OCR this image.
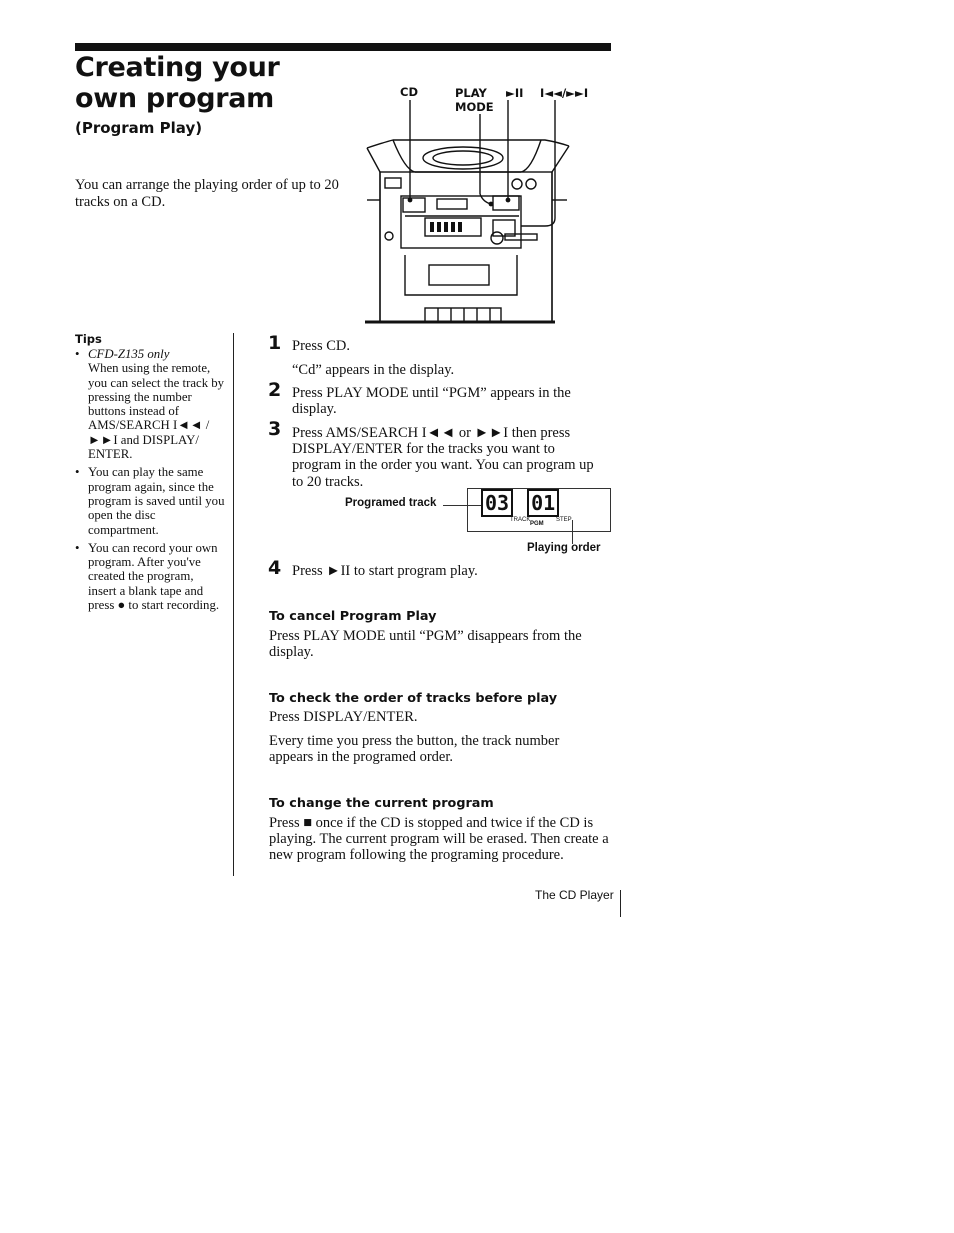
Creating your
own program
(Program Play)
You can arrange the playing order of up to 20 tracks on a CD.
CD	PLAY
MODE
►II I◄◄/►►I
Tips
• CFD-Z135 only
When using the remote, you can select the track by pressing the number buttons instead of AMS/SEARCH I◄◄ / ►►I and DISPLAY/ ENTER.
• You can play the same program again, since the program is saved until you open the disc compartment.
• You can record your own program. After you've created the program, insert a blank tape and press ● to start recording.
1 Press CD.
“Cd” appears in the display.
2 Press PLAY MODE until “PGM” appears in the display.
3 Press AMS/SEARCH I◄◄ or ►►I then press DISPLAY/ENTER for the tracks you want to program in the order you want. You can program up to 20 tracks.
Programed track 03 01
TRACK
PGM
STEP
Playing order
4 Press ►II to start program play.
To cancel Program Play
Press PLAY MODE until “PGM” disappears from the display.
To check the order of tracks before play
Press DISPLAY/ENTER.
Every time you press the button, the track number appears in the programed order.
To change the current program
Press ■ once if the CD is stopped and twice if the CD is playing. The current program will be erased. Then create a new program following the programing procedure.
The CD Player
